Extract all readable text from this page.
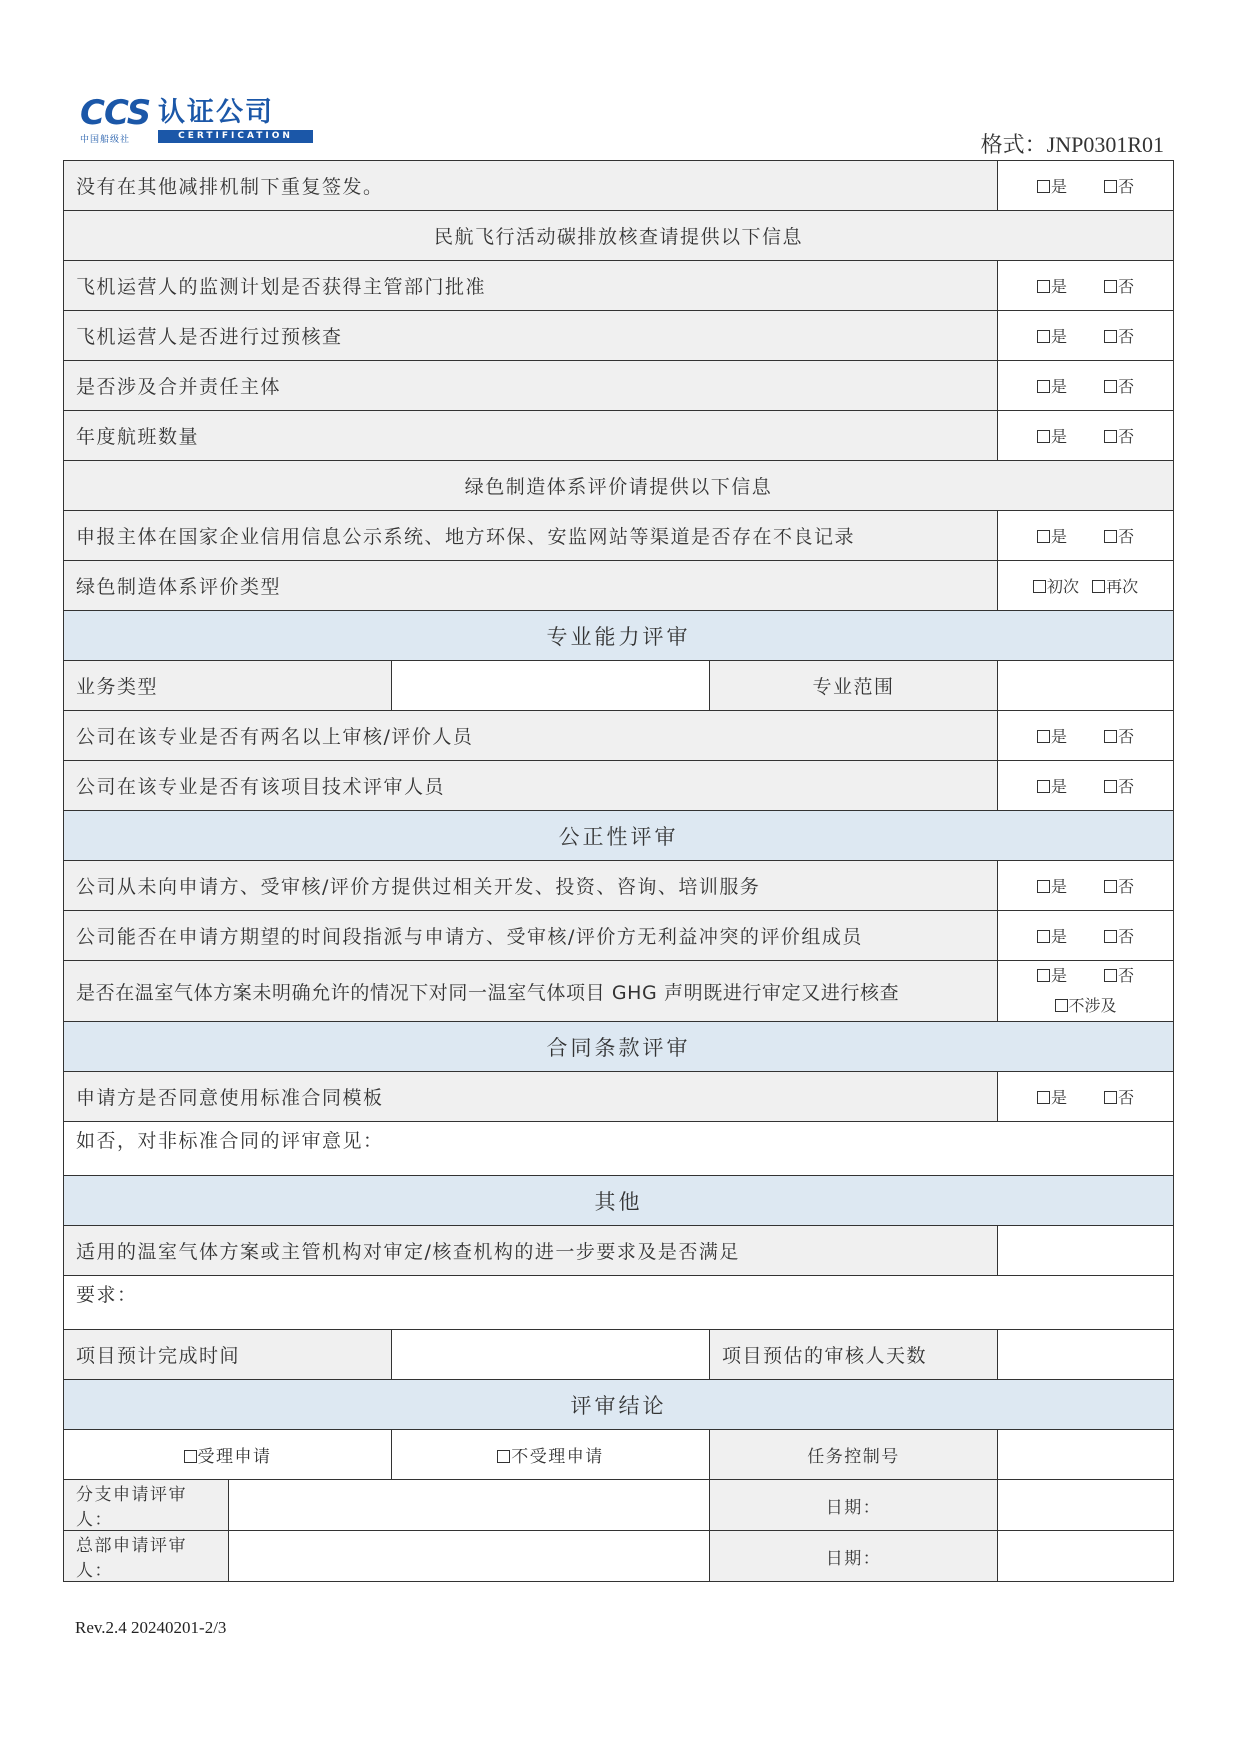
CCS 认证公司
中国船级社	CERTIFICATION	格式：JNP0301R01
没有在其他减排机制下重复签发。				是 否
民航飞行活动碳排放核查请提供以下信息				
飞机运营人的监测计划是否获得主管部门批准				是 否
飞机运营人是否进行过预核查				是 否
是否涉及合并责任主体				是 否
年度航班数量				是 否
绿色制造体系评价请提供以下信息				
申报主体在国家企业信用信息公示系统、地方环保、安监网站等渠道是否存在不良记录				是 否
绿色制造体系评价类型				初次 再次
专业能力评审				
业务类型			专业范围	
公司在该专业是否有两名以上审核/评价人员				是 否
公司在该专业是否有该项目技术评审人员				是 否
公正性评审				
公司从未向申请方、受审核/评价方提供过相关开发、投资、咨询、培训服务				是 否
公司能否在申请方期望的时间段指派与申请方、受审核/评价方无利益冲突的评价组成员				是 否
是否在温室气体方案未明确允许的情况下对同一温室气体项目 GHG 声明既进行审定又进行核查				是 否
不涉及
合同条款评审				
申请方是否同意使用标准合同模板				是 否
如否，对非标准合同的评审意见：				
其他				
适用的温室气体方案或主管机构对审定/核查机构的进一步要求及是否满足				
要求：				
项目预计完成时间			项目预估的审核人天数	
评审结论				
受理申请		不受理申请	任务控制号	
分支申请评审人：			日期：	
总部申请评审人：			日期：	
Rev.2.4 20240201-2/3
